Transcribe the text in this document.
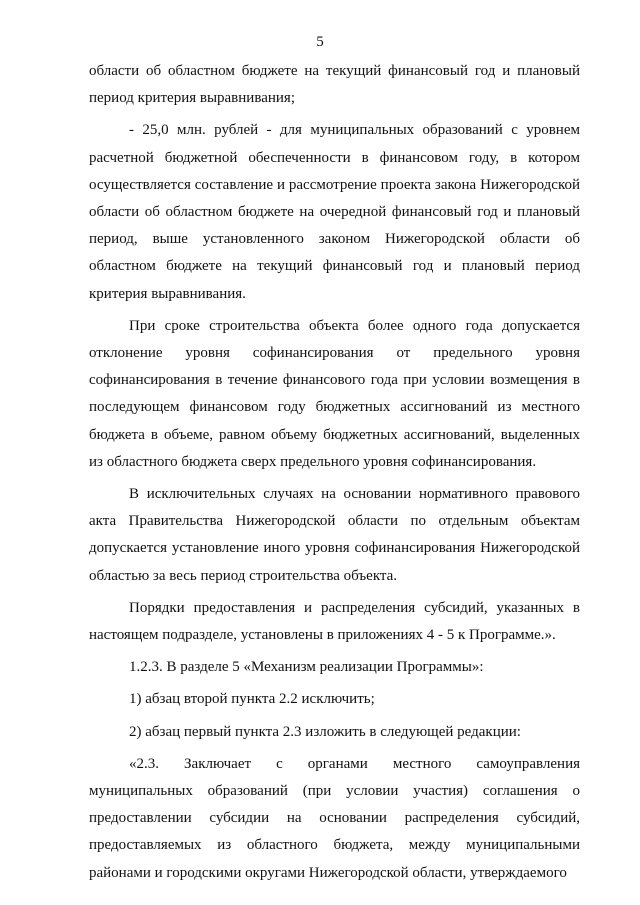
5

области об областном бюджете на текущий финансовый год и плановый период критерия выравнивания;

- 25,0 млн. рублей - для муниципальных образований с уровнем расчетной бюджетной обеспеченности в финансовом году, в котором осуществляется составление и рассмотрение проекта закона Нижегородской области об областном бюджете на очередной финансовый год и плановый период, выше установленного законом Нижегородской области об областном бюджете на текущий финансовый год и плановый период критерия выравнивания.

При сроке строительства объекта более одного года допускается отклонение уровня софинансирования от предельного уровня софинансирования в течение финансового года при условии возмещения в последующем финансовом году бюджетных ассигнований из местного бюджета в объеме, равном объему бюджетных ассигнований, выделенных из областного бюджета сверх предельного уровня софинансирования.

В исключительных случаях на основании нормативного правового акта Правительства Нижегородской области по отдельным объектам допускается установление иного уровня софинансирования Нижегородской областью за весь период строительства объекта.

Порядки предоставления и распределения субсидий, указанных в настоящем подразделе, установлены в приложениях 4 - 5 к Программе.».

1.2.3. В разделе 5 «Механизм реализации Программы»:

1) абзац второй пункта 2.2 исключить;

2) абзац первый пункта 2.3 изложить в следующей редакции:

«2.3. Заключает с органами местного самоуправления муниципальных образований (при условии участия) соглашения о предоставлении субсидии на основании распределения субсидий, предоставляемых из областного бюджета, между муниципальными районами и городскими округами Нижегородской области, утверждаемого
